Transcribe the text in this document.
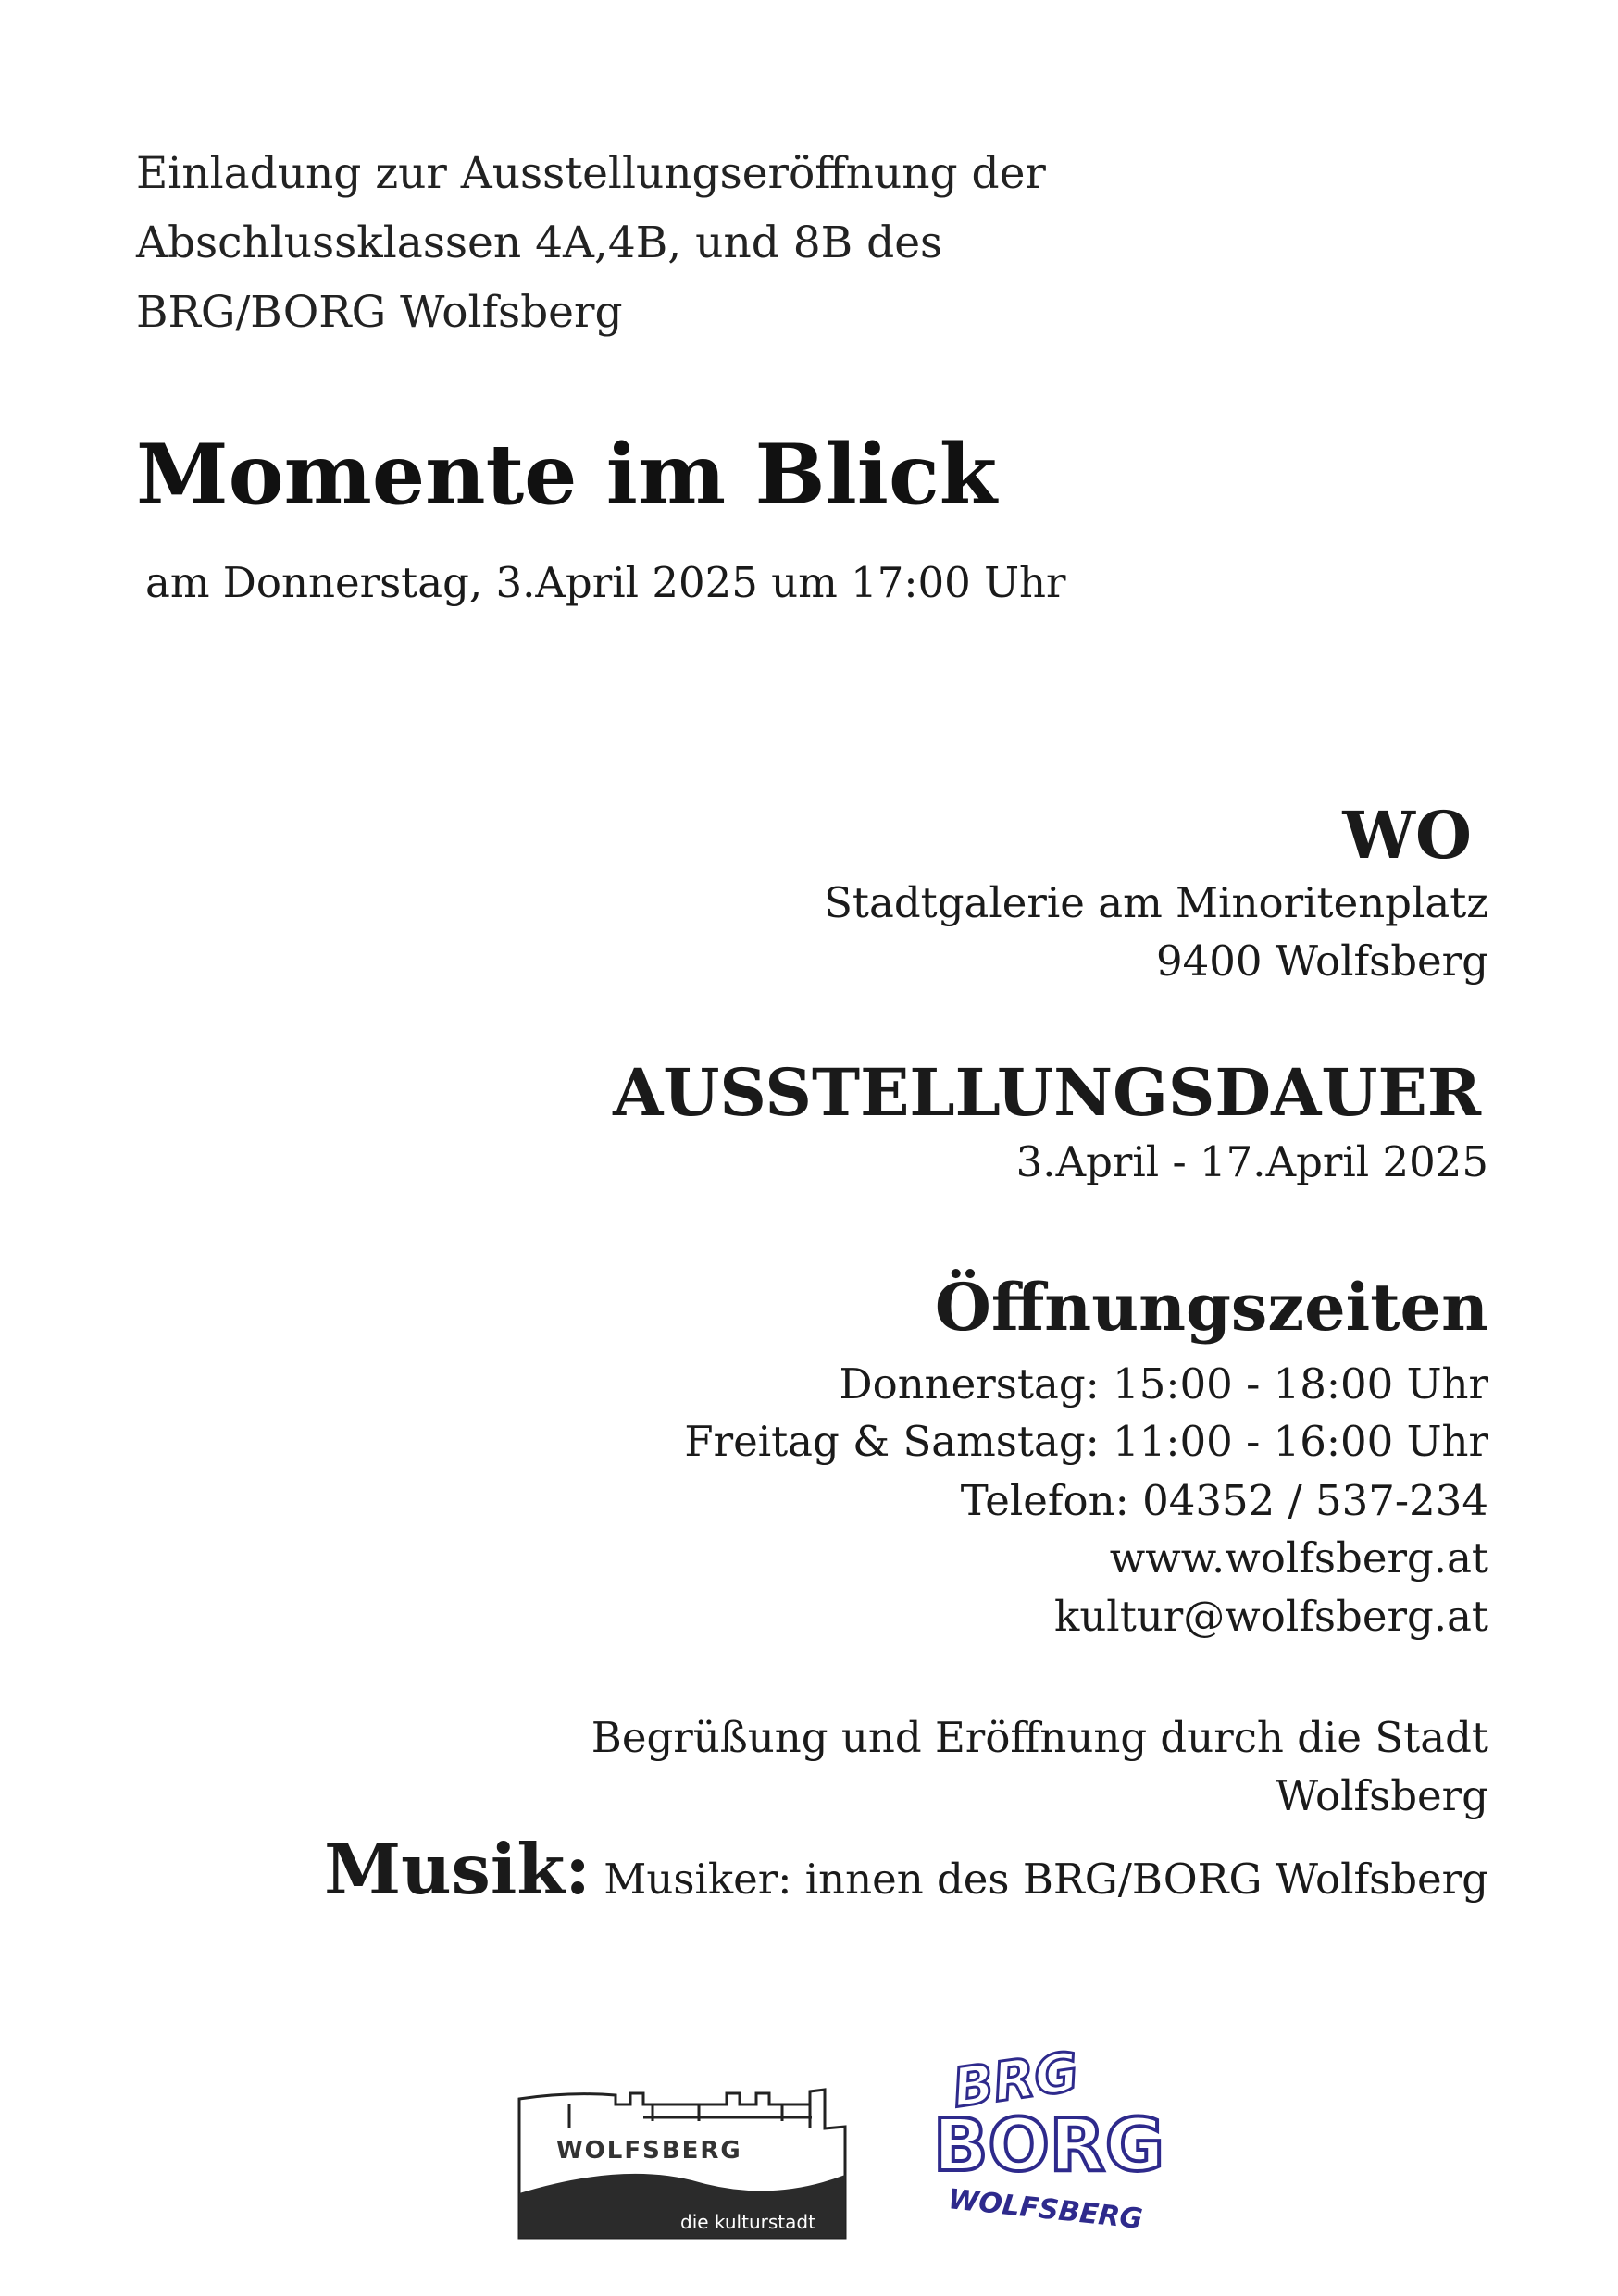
Einladung zur Ausstellungseröffnung der
Abschlussklassen 4A,4B, und 8B des
BRG/BORG Wolfsberg
Momente im Blick
am Donnerstag, 3.April 2025 um 17:00 Uhr
WO
Stadtgalerie am Minoritenplatz
9400 Wolfsberg
AUSSTELLUNGSDAUER
3.April - 17.April 2025
Öffnungszeiten
Donnerstag: 15:00 - 18:00 Uhr
Freitag & Samstag: 11:00 - 16:00 Uhr
Telefon: 04352 / 537-234
www.wolfsberg.at
kultur@wolfsberg.at
Begrüßung und Eröffnung durch die Stadt
Wolfsberg
Musik: Musiker: innen des BRG/BORG Wolfsberg
WOLFSBERG
die kulturstadt
BRG
BORG
WOLFSBERG
